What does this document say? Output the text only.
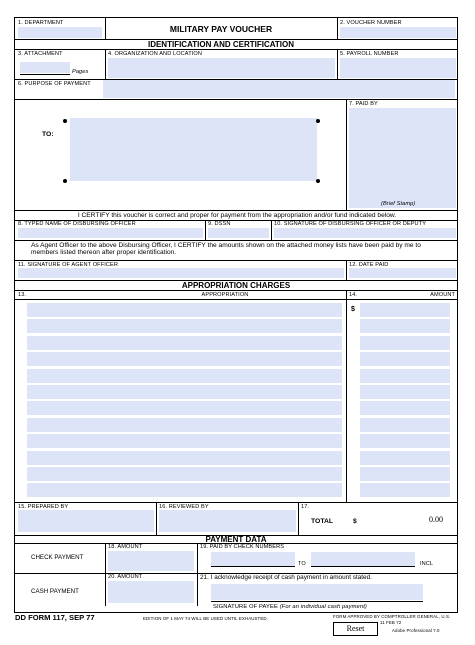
1. DEPARTMENT
MILITARY PAY VOUCHER
2. VOUCHER NUMBER
IDENTIFICATION AND CERTIFICATION
3. ATTACHMENT
Pages
4. ORGANIZATION AND LOCATION	5. PAYROLL NUMBER
6. PURPOSE OF PAYMENT
TO:
7. PAID BY
(Brief Stamp)
I CERTIFY this voucher is correct and proper for payment from the appropriation and/or fund indicated below.
8. TYPED NAME OF DISBURSING OFFICER	9. DSSN	10. SIGNATURE OF DISBURSING OFFICER OR DEPUTY
As Agent Officer to the above Disbursing Officer, I CERTIFY the amounts shown on the attached money lists have been paid by me to members listed thereon after proper identification.
11. SIGNATURE OF AGENT OFFICER	12. DATE PAID
APPROPRIATION CHARGES
13.	APPROPRIATION	14.	AMOUNT
$
15. PREPARED BY	16. REVIEWED BY	17.
TOTAL	$	0.00
PAYMENT DATA
CHECK PAYMENT
18. AMOUNT	19. PAID BY CHECK NUMBERS
TO	INCL
CASH PAYMENT
20. AMOUNT	21. I acknowledge receipt of cash payment in amount stated.
SIGNATURE OF PAYEE (For an individual cash payment)
DD FORM 117, SEP 77	EDITION OF 1 MAY 74 WILL BE USED UNTIL EXHAUSTED.	FORM APPROVED BY COMPTROLLER GENERAL, U.S.
11 FEB 72
Adobe Professional 7.0
Reset
